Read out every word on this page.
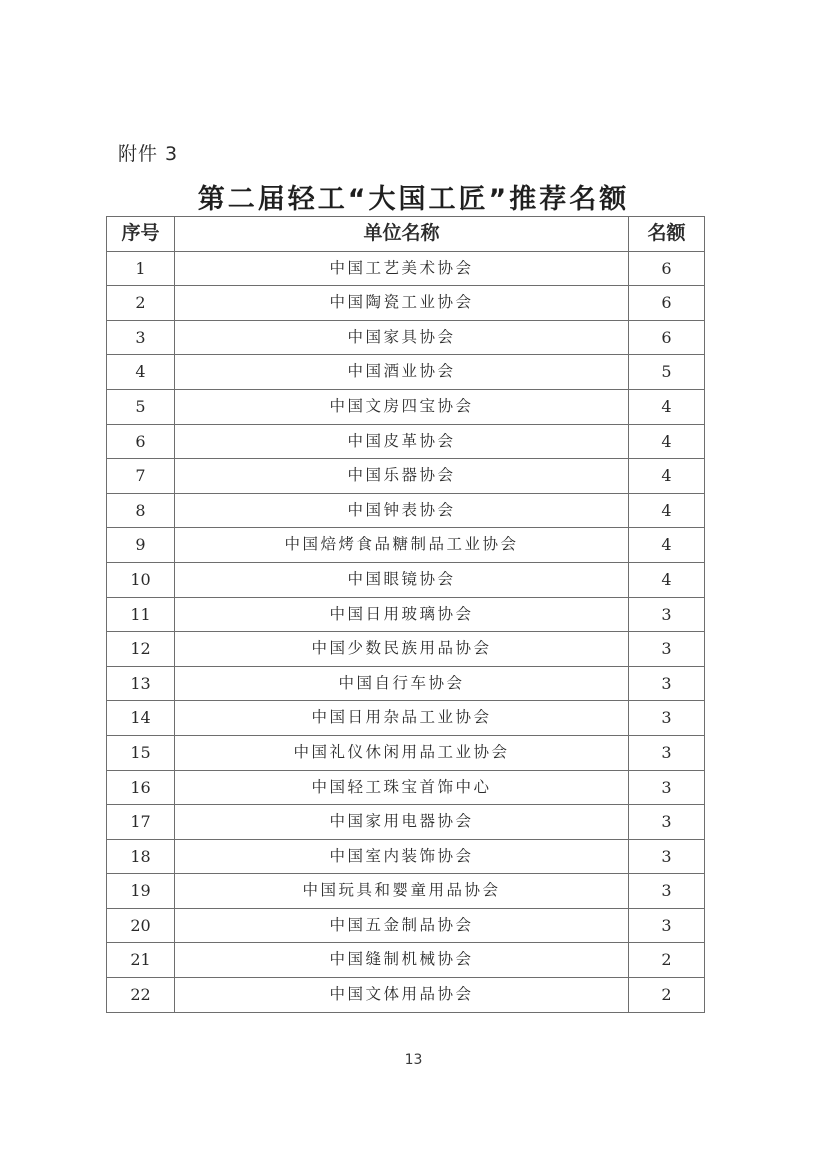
附件 3
第二届轻工“大国工匠”推荐名额
序号	单位名称	名额
1	中国工艺美术协会	6
2	中国陶瓷工业协会	6
3	中国家具协会	6
4	中国酒业协会	5
5	中国文房四宝协会	4
6	中国皮革协会	4
7	中国乐器协会	4
8	中国钟表协会	4
9	中国焙烤食品糖制品工业协会	4
10	中国眼镜协会	4
11	中国日用玻璃协会	3
12	中国少数民族用品协会	3
13	中国自行车协会	3
14	中国日用杂品工业协会	3
15	中国礼仪休闲用品工业协会	3
16	中国轻工珠宝首饰中心	3
17	中国家用电器协会	3
18	中国室内装饰协会	3
19	中国玩具和婴童用品协会	3
20	中国五金制品协会	3
21	中国缝制机械协会	2
22	中国文体用品协会	2
13
